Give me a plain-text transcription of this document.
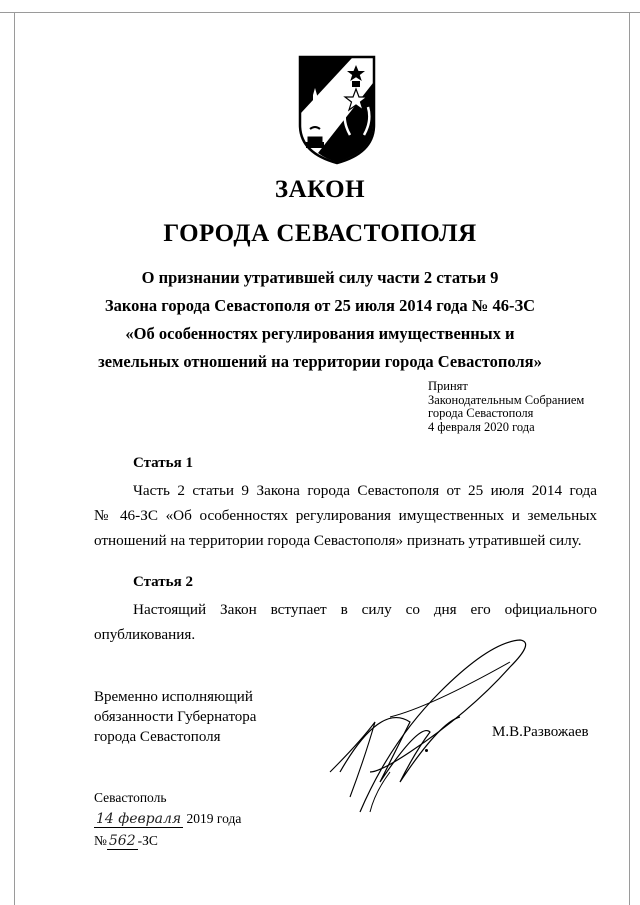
ЗАКОН
ГОРОДА СЕВАСТОПОЛЯ
О признании утратившей силу части 2 статьи 9
Закона города Севастополя от 25 июля 2014 года № 46-ЗС
«Об особенностях регулирования имущественных и
земельных отношений на территории города Севастополя»
Принят
Законодательным Собранием
города Севастополя
4 февраля 2020 года
Статья 1
Часть 2 статьи 9 Закона города Севастополя от 25 июля 2014 года
№ 46-ЗС «Об особенностях регулирования имущественных и земельных
отношений на территории города Севастополя» признать утратившей силу.
Статья 2
Настоящий Закон вступает в силу со дня его официального
опубликования.
Временно исполняющий
обязанности Губернатора
города Севастополя	М.В.Развожаев
Севастополь
14 февраля 2019 года
№ 562 -ЗС
